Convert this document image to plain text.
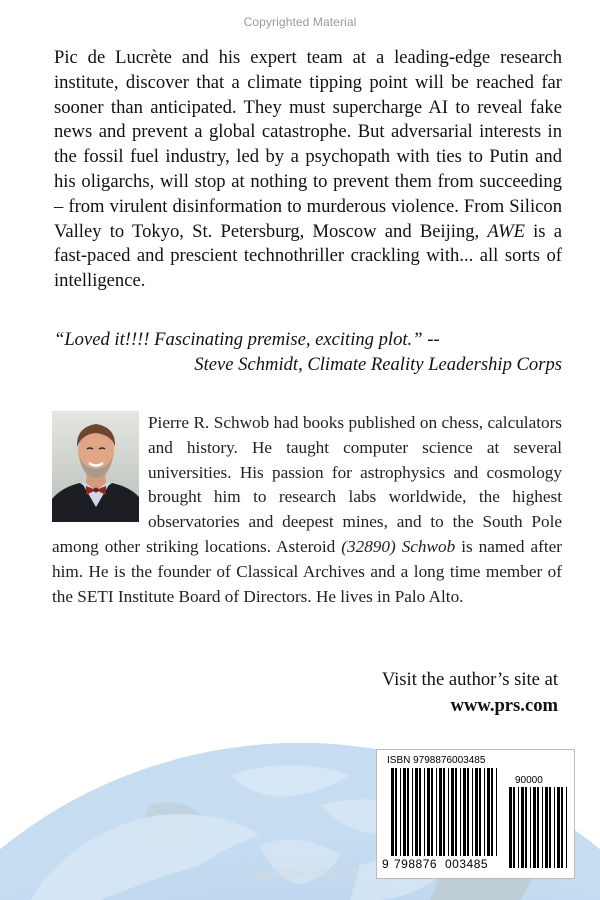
Copyrighted Material

Pic de Lucrète and his expert team at a leading-edge research institute, discover that a climate tipping point will be reached far sooner than anticipated. They must supercharge AI to reveal fake news and prevent a global catastrophe. But adversarial interests in the fossil fuel industry, led by a psychopath with ties to Putin and his oligarchs, will stop at nothing to prevent them from succeeding – from virulent disinformation to murderous violence. From Silicon Valley to Tokyo, St. Petersburg, Moscow and Beijing, AWE is a fast-paced and prescient technothriller crackling with... all sorts of intelligence.

“Loved it!!!! Fascinating premise, exciting plot.” --
Steve Schmidt, Climate Reality Leadership Corps

Pierre R. Schwob had books published on chess, calculators and history. He taught computer science at several universities. His passion for astrophysics and cosmology brought him to research labs worldwide, the highest observatories and deepest mines, and to the South Pole among other striking locations. Asteroid (32890) Schwob is named after him. He is the founder of Classical Archives and a long time member of the SETI Institute Board of Directors. He lives in Palo Alto.

Visit the author’s site at
www.prs.com
Copyrighted Material
ISBN 9798876003485
90000
9 798876 003485
